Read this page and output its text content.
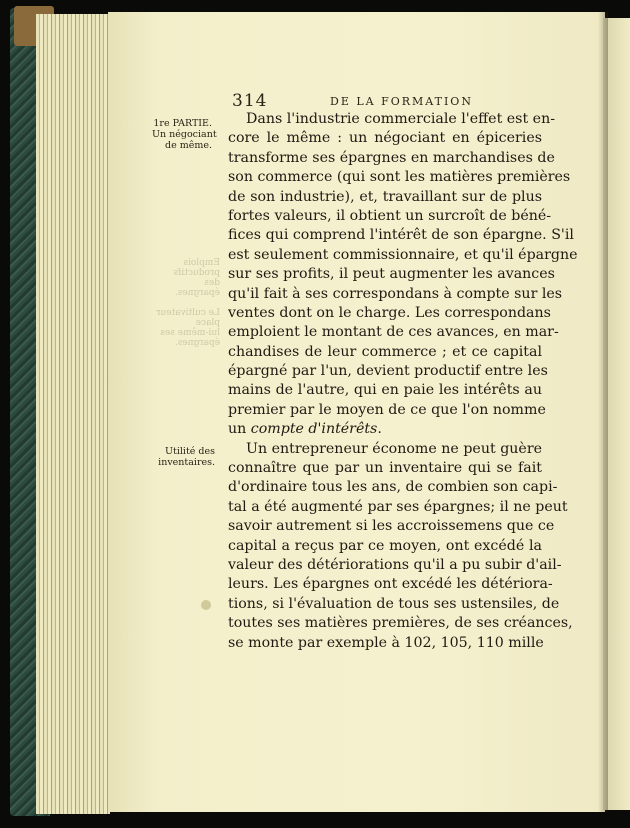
314	DE LA FORMATION
1re PARTIE.
Un négociant
de même.
Utilité des
inventaires.
Emplois
productifs
des
épargnes.
Le cultivateur
place
lui-même ses
épargnes.
Dans l'industrie commerciale l'effet est en-
core le même : un négociant en épiceries
transforme ses épargnes en marchandises de
son commerce (qui sont les matières premières
de son industrie), et, travaillant sur de plus
fortes valeurs, il obtient un surcroît de béné-
fices qui comprend l'intérêt de son épargne. S'il
est seulement commissionnaire, et qu'il épargne
sur ses profits, il peut augmenter les avances
qu'il fait à ses correspondans à compte sur les
ventes dont on le charge. Les correspondans
emploient le montant de ces avances, en mar-
chandises de leur commerce ; et ce capital
épargné par l'un, devient productif entre les
mains de l'autre, qui en paie les intérêts au
premier par le moyen de ce que l'on nomme
un compte d'intérêts.
Un entrepreneur économe ne peut guère
connaître que par un inventaire qui se fait
d'ordinaire tous les ans, de combien son capi-
tal a été augmenté par ses épargnes; il ne peut
savoir autrement si les accroissemens que ce
capital a reçus par ce moyen, ont excédé la
valeur des détériorations qu'il a pu subir d'ail-
leurs. Les épargnes ont excédé les détériora-
tions, si l'évaluation de tous ses ustensiles, de
toutes ses matières premières, de ses créances,
se monte par exemple à 102, 105, 110 mille
